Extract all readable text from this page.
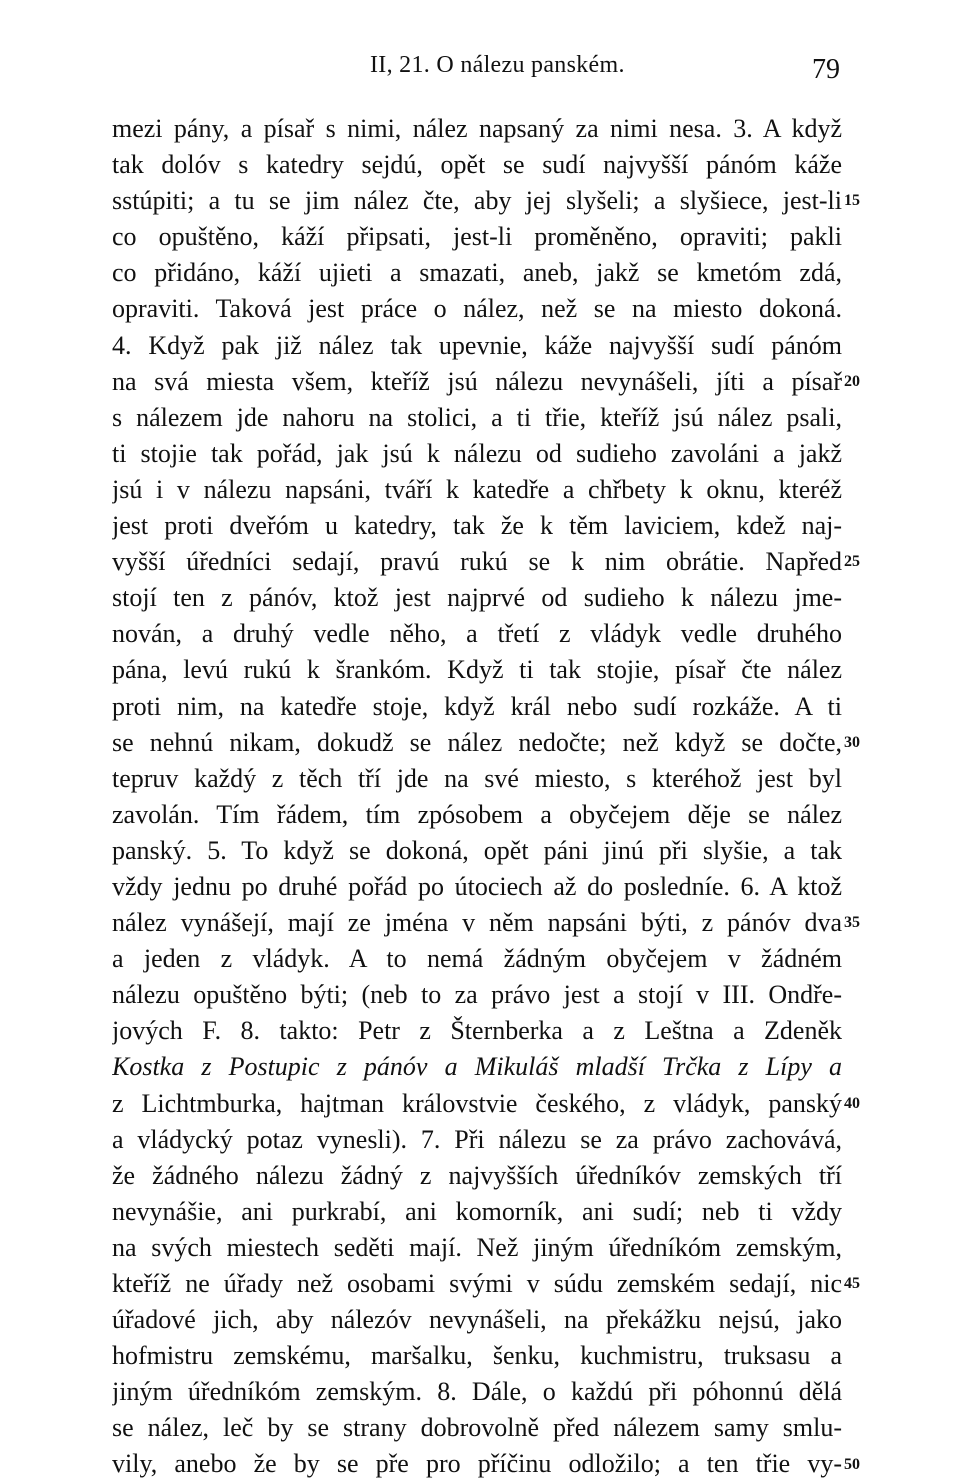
II, 21. O nálezu panském.	79
mezi pány, a písař s nimi, nález napsaný za nimi nesa. 3. A když
tak dolóv s katedry sejdú, opět se sudí najvyšší pánóm káže
sstúpiti; a tu se jim nález čte, aby jej slyšeli; a slyšiece, jest-li
co opuštěno, káží připsati, jest-li proměněno, opraviti; pakli
co přidáno, káží ujieti a smazati, aneb, jakž se kmetóm zdá,
opraviti. Taková jest práce o nález, než se na miesto dokoná.
4. Když pak již nález tak upevnie, káže najvyšší sudí pánóm
na svá miesta všem, kteříž jsú nálezu nevynášeli, jíti a písař
s nálezem jde nahoru na stolici, a ti třie, kteříž jsú nález psali,
ti stojie tak pořád, jak jsú k nálezu od sudieho zavoláni a jakž
jsú i v nálezu napsáni, tváří k katedře a chřbety k oknu, kteréž
jest proti dveřóm u katedry, tak že k těm laviciem, kdež naj-
vyšší úředníci sedají, pravú rukú se k nim obrátie. Napřed
stojí ten z pánóv, ktož jest najprvé od sudieho k nálezu jme-
nován, a druhý vedle něho, a třetí z vládyk vedle druhého
pána, levú rukú k šrankóm. Když ti tak stojie, písař čte nález
proti nim, na katedře stoje, když král nebo sudí rozkáže. A ti
se nehnú nikam, dokudž se nález nedočte; než když se dočte,
tepruv každý z těch tří jde na své miesto, s kteréhož jest byl
zavolán. Tím řádem, tím zpósobem a obyčejem děje se nález
panský. 5. To když se dokoná, opět páni jinú při slyšie, a tak
vždy jednu po druhé pořád po útociech až do posledníe. 6. A ktož
nález vynášejí, mají ze jména v něm napsáni býti, z pánóv dva
a jeden z vládyk. A to nemá žádným obyčejem v žádném
nálezu opuštěno býti; (neb to za právo jest a stojí v III. Ondře-
jových F. 8. takto: Petr z Šternberka a z Leštna a Zdeněk
Kostka z Postupic z pánóv a Mikuláš mladší Trčka z Lípy a
z Lichtmburka, hajtman královstvie českého, z vládyk, panský
a vládycký potaz vynesli). 7. Při nálezu se za právo zachovává,
že žádného nálezu žádný z najvyšších úředníkóv zemských tří
nevynášie, ani purkrabí, ani komorník, ani sudí; neb ti vždy
na svých miestech seděti mají. Než jiným úředníkóm zemským,
kteříž ne úřady než osobami svými v súdu zemském sedají, nic
úřadové jich, aby nálezóv nevynášeli, na překážku nejsú, jako
hofmistru zemskému, maršalku, šenku, kuchmistru, truksasu a
jiným úředníkóm zemským. 8. Dále, o každú při póhonnú dělá
se nález, leč by se strany dobrovolně před nálezem samy smlu-
vily, anebo že by se pře pro příčinu odložilo; a ten třie vy-
15
20
25
30
35
40
45
50
